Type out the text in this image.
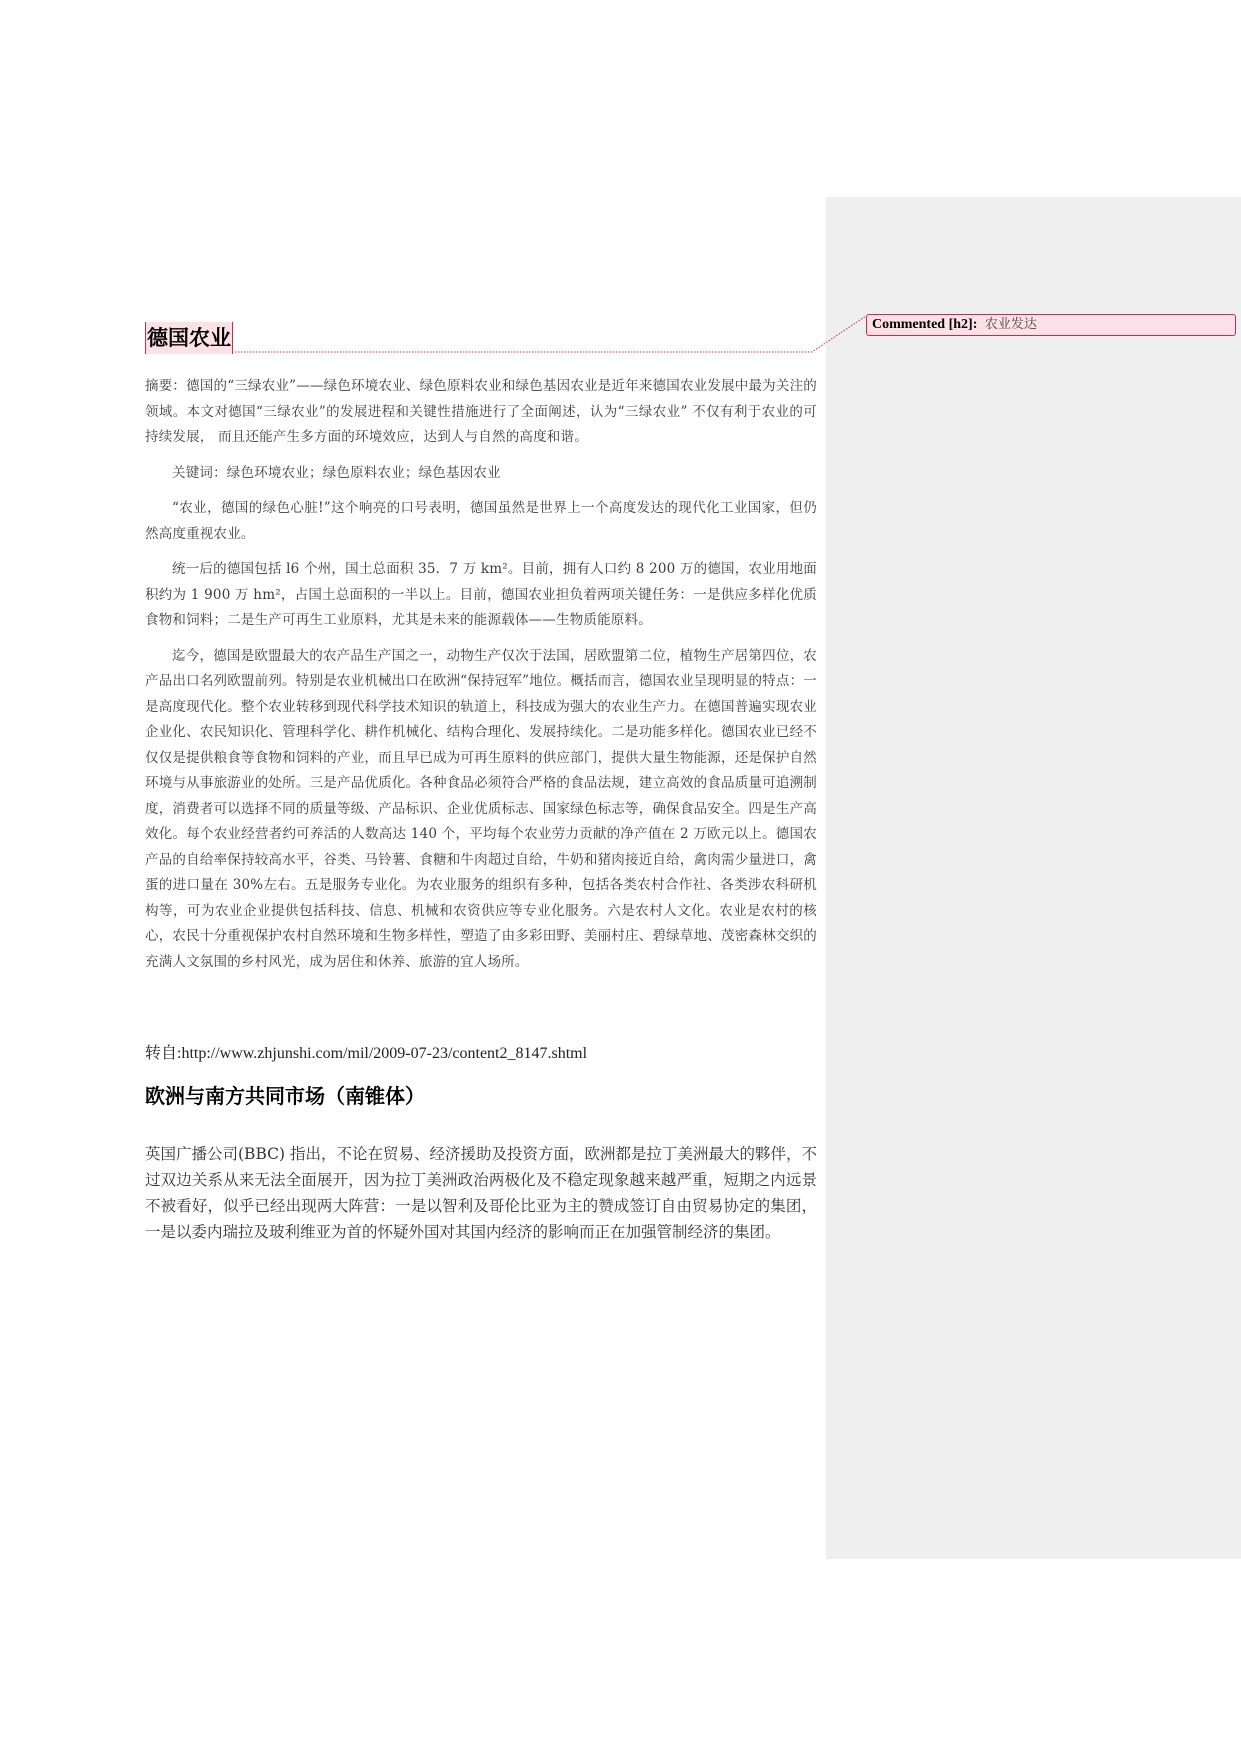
Commented [h2]: 农业发达
德国农业

摘要：德国的“三绿农业”——绿色环境农业、绿色原料农业和绿色基因农业是近年来德国农业发展中最为关注的领域。本文对德国“三绿农业”的发展进程和关键性措施进行了全面阐述，认为“三绿农业” 不仅有利于农业的可持续发展， 而且还能产生多方面的环境效应，达到人与自然的高度和谐。

关键词：绿色环境农业；绿色原料农业；绿色基因农业

“农业，德国的绿色心脏!”这个响亮的口号表明，德国虽然是世界上一个高度发达的现代化工业国家，但仍然高度重视农业。

统一后的德国包括 l6 个州，国土总面积 35．7 万 km²。目前，拥有人口约 8 200 万的德国，农业用地面积约为 1 900 万 hm²，占国土总面积的一半以上。目前，德国农业担负着两项关键任务：一是供应多样化优质食物和饲料；二是生产可再生工业原料，尤其是未来的能源载体——生物质能原料。

迄今，德国是欧盟最大的农产品生产国之一，动物生产仅次于法国，居欧盟第二位，植物生产居第四位，农产品出口名列欧盟前列。特别是农业机械出口在欧洲“保持冠军”地位。概括而言，德国农业呈现明显的特点：一是高度现代化。整个农业转移到现代科学技术知识的轨道上，科技成为强大的农业生产力。在德国普遍实现农业企业化、农民知识化、管理科学化、耕作机械化、结构合理化、发展持续化。二是功能多样化。德国农业已经不仅仅是提供粮食等食物和饲料的产业，而且早已成为可再生原料的供应部门，提供大量生物能源，还是保护自然环境与从事旅游业的处所。三是产品优质化。各种食品必须符合严格的食品法规，建立高效的食品质量可追溯制度，消费者可以选择不同的质量等级、产品标识、企业优质标志、国家绿色标志等，确保食品安全。四是生产高效化。每个农业经营者约可养活的人数高达 140 个，平均每个农业劳力贡献的净产值在 2 万欧元以上。德国农产品的自给率保持较高水平，谷类、马铃薯、食糖和牛肉超过自给，牛奶和猪肉接近自给，禽肉需少量进口，禽蛋的进口量在 30%左右。五是服务专业化。为农业服务的组织有多种，包括各类农村合作社、各类涉农科研机构等，可为农业企业提供包括科技、信息、机械和农资供应等专业化服务。六是农村人文化。农业是农村的核心，农民十分重视保护农村自然环境和生物多样性，塑造了由多彩田野、美丽村庄、碧绿草地、茂密森林交织的充满人文氛围的乡村风光，成为居住和休养、旅游的宜人场所。

转自:http://www.zhjunshi.com/mil/2009-07-23/content2_8147.shtml

欧洲与南方共同市场（南锥体）

英国广播公司(BBC) 指出，不论在贸易、经济援助及投资方面，欧洲都是拉丁美洲最大的夥伴，不过双边关系从来无法全面展开，因为拉丁美洲政治两极化及不稳定现象越来越严重，短期之内远景不被看好，似乎已经出现两大阵营：一是以智利及哥伦比亚为主的赞成签订自由贸易协定的集团，一是以委内瑞拉及玻利维亚为首的怀疑外国对其国内经济的影响而正在加强管制经济的集团。
